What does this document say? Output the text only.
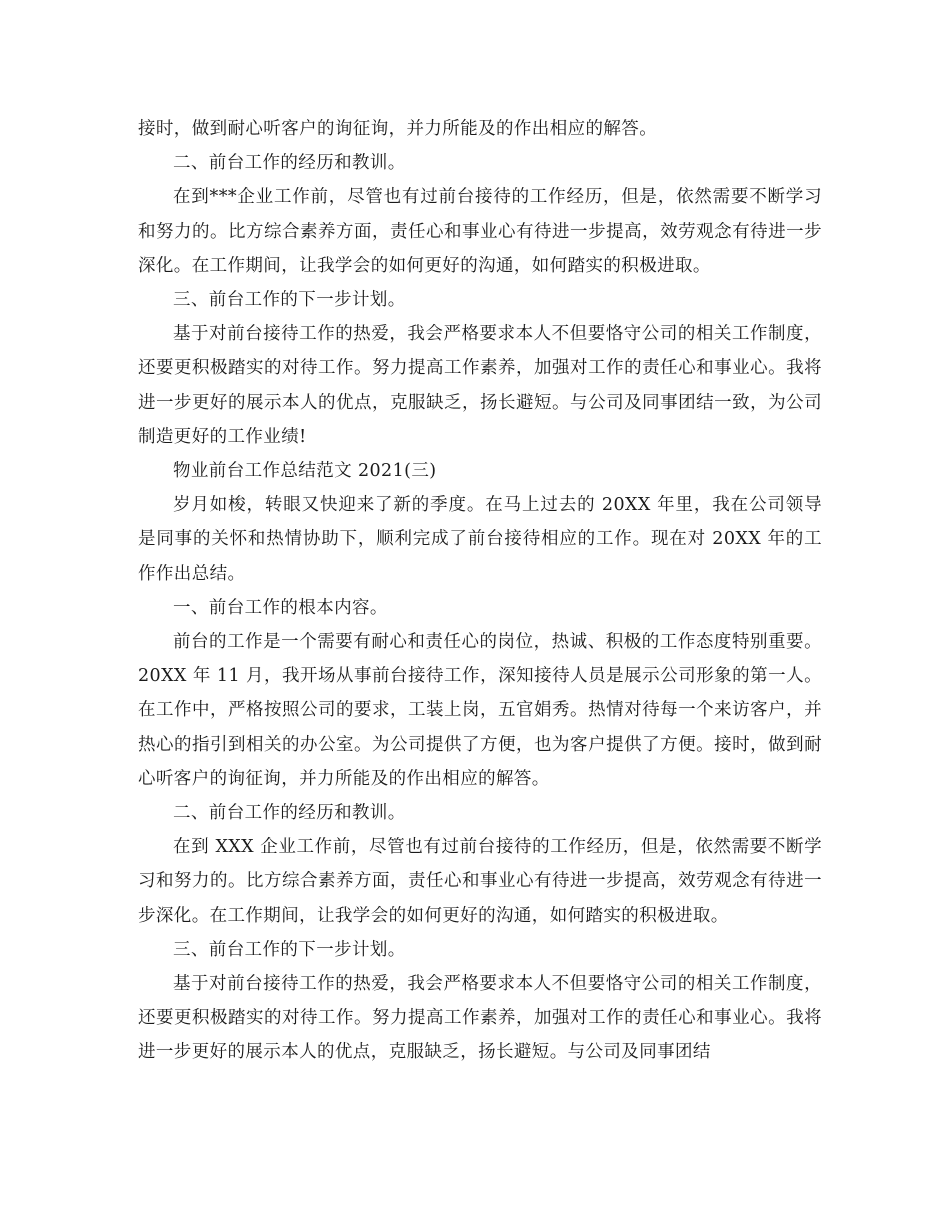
接时，做到耐心听客户的询征询，并力所能及的作出相应的解答。

二、前台工作的经历和教训。

在到***企业工作前，尽管也有过前台接待的工作经历，但是，依然需要不断学习和努力的。比方综合素养方面，责任心和事业心有待进一步提高，效劳观念有待进一步深化。在工作期间，让我学会的如何更好的沟通，如何踏实的积极进取。

三、前台工作的下一步计划。

基于对前台接待工作的热爱，我会严格要求本人不但要恪守公司的相关工作制度，还要更积极踏实的对待工作。努力提高工作素养，加强对工作的责任心和事业心。我将进一步更好的展示本人的优点，克服缺乏，扬长避短。与公司及同事团结一致，为公司制造更好的工作业绩!

物业前台工作总结范文 2021(三)

岁月如梭，转眼又快迎来了新的季度。在马上过去的 20XX 年里，我在公司领导是同事的关怀和热情协助下，顺利完成了前台接待相应的工作。现在对 20XX 年的工作作出总结。

一、前台工作的根本内容。

前台的工作是一个需要有耐心和责任心的岗位，热诚、积极的工作态度特别重要。20XX 年 11 月，我开场从事前台接待工作，深知接待人员是展示公司形象的第一人。在工作中，严格按照公司的要求，工装上岗，五官娟秀。热情对待每一个来访客户，并热心的指引到相关的办公室。为公司提供了方便，也为客户提供了方便。接时，做到耐心听客户的询征询，并力所能及的作出相应的解答。

二、前台工作的经历和教训。

在到 XXX 企业工作前，尽管也有过前台接待的工作经历，但是，依然需要不断学习和努力的。比方综合素养方面，责任心和事业心有待进一步提高，效劳观念有待进一步深化。在工作期间，让我学会的如何更好的沟通，如何踏实的积极进取。

三、前台工作的下一步计划。

基于对前台接待工作的热爱，我会严格要求本人不但要恪守公司的相关工作制度，还要更积极踏实的对待工作。努力提高工作素养，加强对工作的责任心和事业心。我将进一步更好的展示本人的优点，克服缺乏，扬长避短。与公司及同事团结
